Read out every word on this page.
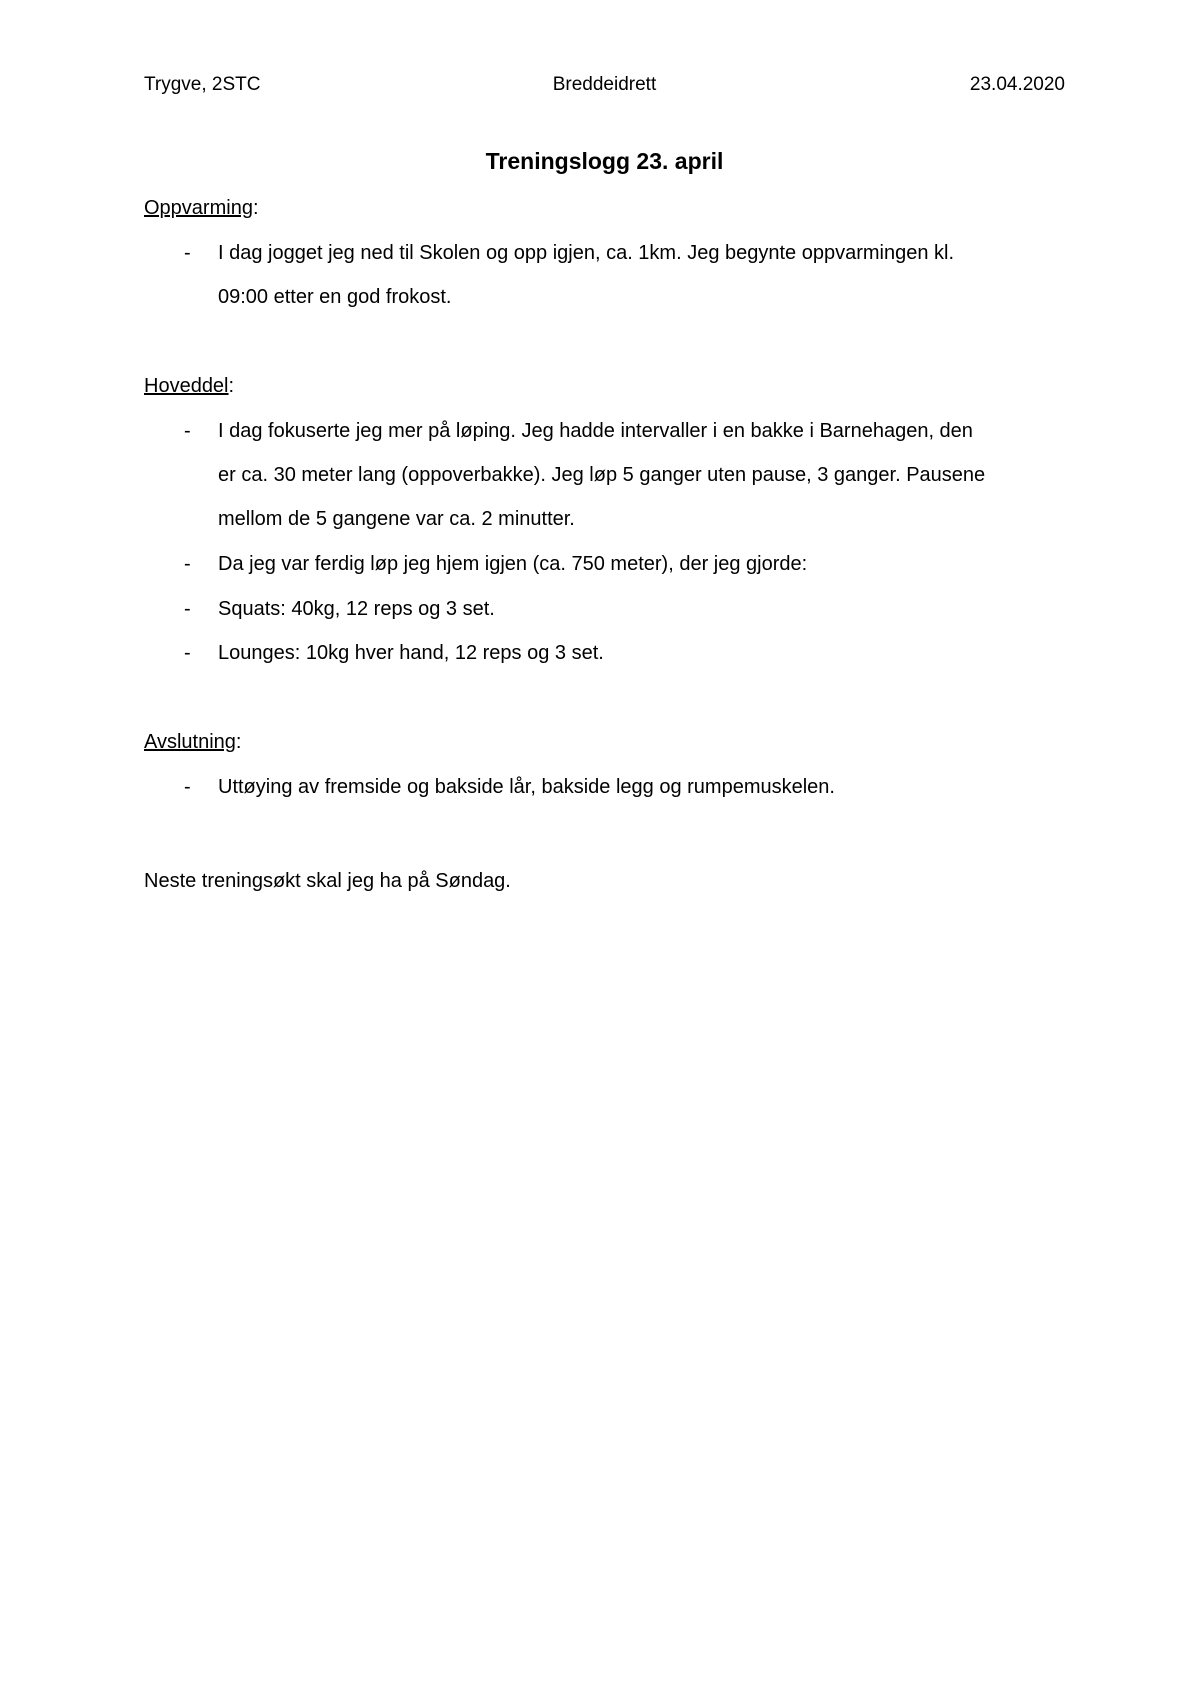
Trygve, 2STC	Breddeidrett	23.04.2020
Treningslogg 23. april
Oppvarming:
- I dag jogget jeg ned til Skolen og opp igjen, ca. 1km. Jeg begynte oppvarmingen kl.
09:00 etter en god frokost.
Hoveddel:
- I dag fokuserte jeg mer på løping. Jeg hadde intervaller i en bakke i Barnehagen, den
er ca. 30 meter lang (oppoverbakke). Jeg løp 5 ganger uten pause, 3 ganger. Pausene
mellom de 5 gangene var ca. 2 minutter.
- Da jeg var ferdig løp jeg hjem igjen (ca. 750 meter), der jeg gjorde:
- Squats: 40kg, 12 reps og 3 set.
- Lounges: 10kg hver hand, 12 reps og 3 set.
Avslutning:
- Uttøying av fremside og bakside lår, bakside legg og rumpemuskelen.
Neste treningsøkt skal jeg ha på Søndag.
